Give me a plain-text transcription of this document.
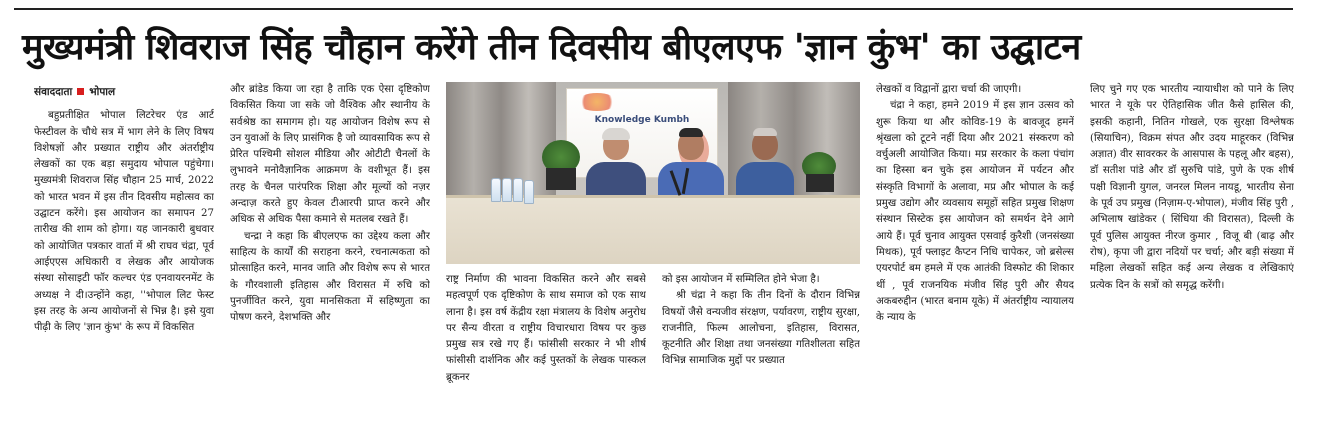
मुख्यमंत्री शिवराज सिंह चौहान करेंगे तीन दिवसीय बीएलएफ 'ज्ञान कुंभ' का उद्घाटन
संवाददाता भोपाल

बहुप्रतीक्षित भोपाल लिटरेचर एंड आर्ट फेस्टीवल के चौथे सत्र में भाग लेने के लिए विषय विशेषज्ञों और प्रख्यात राष्ट्रीय और अंतर्राष्ट्रीय लेखकों का एक बड़ा समुदाय भोपाल पहुंचेगा। मुख्यमंत्री शिवराज सिंह चौहान 25 मार्च, 2022 को भारत भवन में इस तीन दिवसीय महोत्सव का उद्घाटन करेंगे। इस आयोजन का समापन 27 तारीख की शाम को होगा। यह जानकारी बुधवार को आयोजित पत्रकार वार्ता में श्री राघव चंद्रा, पूर्व आईएएस अधिकारी व लेखक और आयोजक संस्था सोसाइटी फॉर कल्चर एंड एनवायरनमेंट के अध्यक्ष ने दी।उन्होंने कहा, ''भोपाल लिट फेस्ट इस तरह के अन्य आयोजनों से भिन्न है। इसे युवा पीढ़ी के लिए 'ज्ञान कुंभ' के रूप में विकसित

और ब्रांडेड किया जा रहा है ताकि एक ऐसा दृष्टिकोण विकसित किया जा सके जो वैश्विक और स्थानीय के सर्वश्रेष्ठ का समागम हो। यह आयोजन विशेष रूप से उन युवाओं के लिए प्रासंगिक है जो व्यावसायिक रूप से प्रेरित पश्चिमी सोशल मीडिया और ओटीटी चैनलों के लुभावने मनोवैज्ञानिक आक्रमण के वशीभूत हैं। इस तरह के चैनल पारंपरिक शिक्षा और मूल्यों को नज़र अन्दाज़ करते हुए केवल टीआरपी प्राप्त करने और अधिक से अधिक पैसा कमाने से मतलब रखते हैं।

चन्द्रा ने कहा कि बीएलएफ का उद्देश्य कला और साहित्य के कार्यों की सराहना करने, रचनात्मकता को प्रोत्साहित करने, मानव जाति और विशेष रूप से भारत के गौरवशाली इतिहास और विरासत में रुचि को पुनर्जीवित करने, युवा मानसिकता में सहिष्णुता का पोषण करने, देशभक्ति और

Knowledge Kumbh

राष्ट्र निर्माण की भावना विकसित करने और सबसे महत्वपूर्ण एक दृष्टिकोण के साथ समाज को एक साथ लाना है। इस वर्ष केंद्रीय रक्षा मंत्रालय के विशेष अनुरोध पर सैन्य वीरता व राष्ट्रीय विचारधारा विषय पर कुछ प्रमुख सत्र रखे गए हैं। फांसीसी सरकार ने भी शीर्ष फांसीसी दार्शनिक और कई पुस्तकों के लेखक पास्कल ब्रूकनर

को इस आयोजन में सम्मिलित होने भेजा है।

श्री चंद्रा ने कहा कि तीन दिनों के दौरान विभिन्न विषयों जैसे वन्यजीव संरक्षण, पर्यावरण, राष्ट्रीय सुरक्षा, राजनीति, फिल्म आलोचना, इतिहास, विरासत, कूटनीति और शिक्षा तथा जनसंख्या गतिशीलता सहित विभिन्न सामाजिक मुद्दों पर प्रख्यात

लेखकों व विद्वानों द्वारा चर्चा की जाएगी।

चंद्रा ने कहा, हमने 2019 में इस ज्ञान उत्सव को शुरू किया था और कोविड-19 के बावजूद हमनें श्रृंखला को टूटने नहीं दिया और 2021 संस्करण को वर्चुअली आयोजित किया। मप्र सरकार के कला पंचांग का हिस्सा बन चुके इस आयोजन में पर्यटन और संस्कृति विभागों के अलावा, मप्र और भोपाल के कई प्रमुख उद्योग और व्यवसाय समूहों सहित प्रमुख शिक्षण संस्थान सिस्टेक इस आयोजन को समर्थन देने आगे आये हैं। पूर्व चुनाव आयुक्त एसवाई कुरैशी (जनसंख्या मिथक), पूर्व फ्लाइट कैप्टन निधि चापेकर, जो ब्रसेल्स एयरपोर्ट बम हमले में एक आतंकी विस्फोट की शिकार थीं , पूर्व राजनयिक मंजीव सिंह पुरी और सैयद अकबरुद्दीन (भारत बनाम यूके) में अंतर्राष्ट्रीय न्यायालय के न्याय के

लिए चुने गए एक भारतीय न्यायाधीश को पाने के लिए भारत ने यूके पर ऐतिहासिक जीत कैसे हासिल की, इसकी कहानी, नितिन गोखले, एक सुरक्षा विश्लेषक (सियाचिन), विक्रम संपत और उदय माहूरकर (विभिन्न अज्ञात) वीर सावरकर के आसपास के पहलू और बहस), डॉ सतीश पांडे और डॉ सुरुचि पांडे, पुणे के एक शीर्ष पक्षी विज्ञानी युगल, जनरल मिलन नायडू, भारतीय सेना के पूर्व उप प्रमुख (निज़ाम-ए-भोपाल), मंजीव सिंह पुरी , अभिलाष खांडेकर ( सिंधिया की विरासत), दिल्ली के पूर्व पुलिस आयुक्त नीरज कुमार , विजू बी (बाढ़ और रोष), कृपा जी द्वारा नदियों पर चर्चा; और बड़ी संख्या में महिला लेखकों सहित कई अन्य लेखक व लेखिकाएं प्रत्येक दिन के सत्रों को समृद्ध करेंगी।
